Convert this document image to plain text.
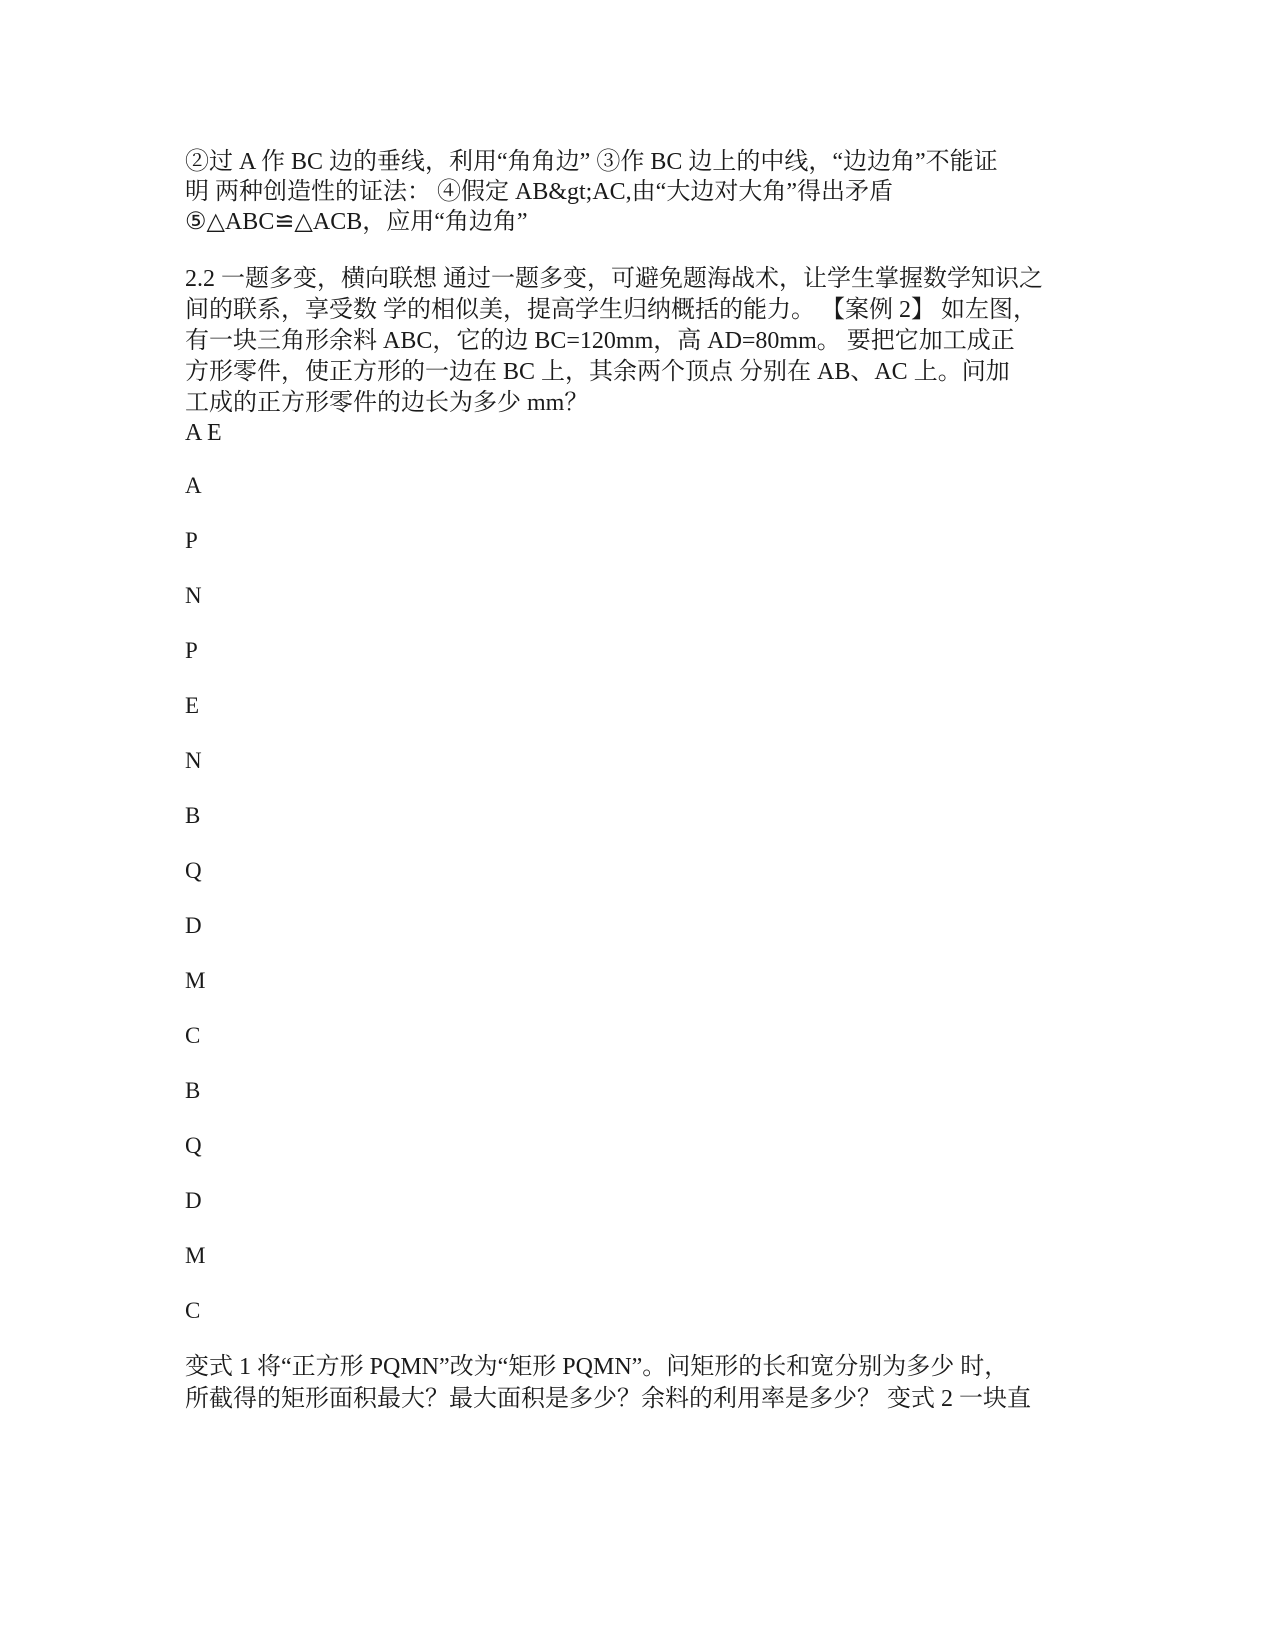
②过 A 作 BC 边的垂线，利用“角角边” ③作 BC 边上的中线，“边边角”不能证
明 两种创造性的证法： ④假定 AB&gt;AC,由“大边对大角”得出矛盾
⑤△ABC≌△ACB，应用“角边角”
2.2 一题多变，横向联想 通过一题多变，可避免题海战术，让学生掌握数学知识之
间的联系，享受数 学的相似美，提高学生归纳概括的能力。 【案例 2】 如左图，
有一块三角形余料 ABC，它的边 BC=120mm，高 AD=80mm。 要把它加工成正
方形零件，使正方形的一边在 BC 上，其余两个顶点 分别在 AB、AC 上。问加
工成的正方形零件的边长为多少 mm？
A E
A
P
N
P
E
N
B
Q
D
M
C
B
Q
D
M
C
变式 1 将“正方形 PQMN”改为“矩形 PQMN”。问矩形的长和宽分别为多少 时，
所截得的矩形面积最大？最大面积是多少？余料的利用率是多少？ 变式 2 一块直
